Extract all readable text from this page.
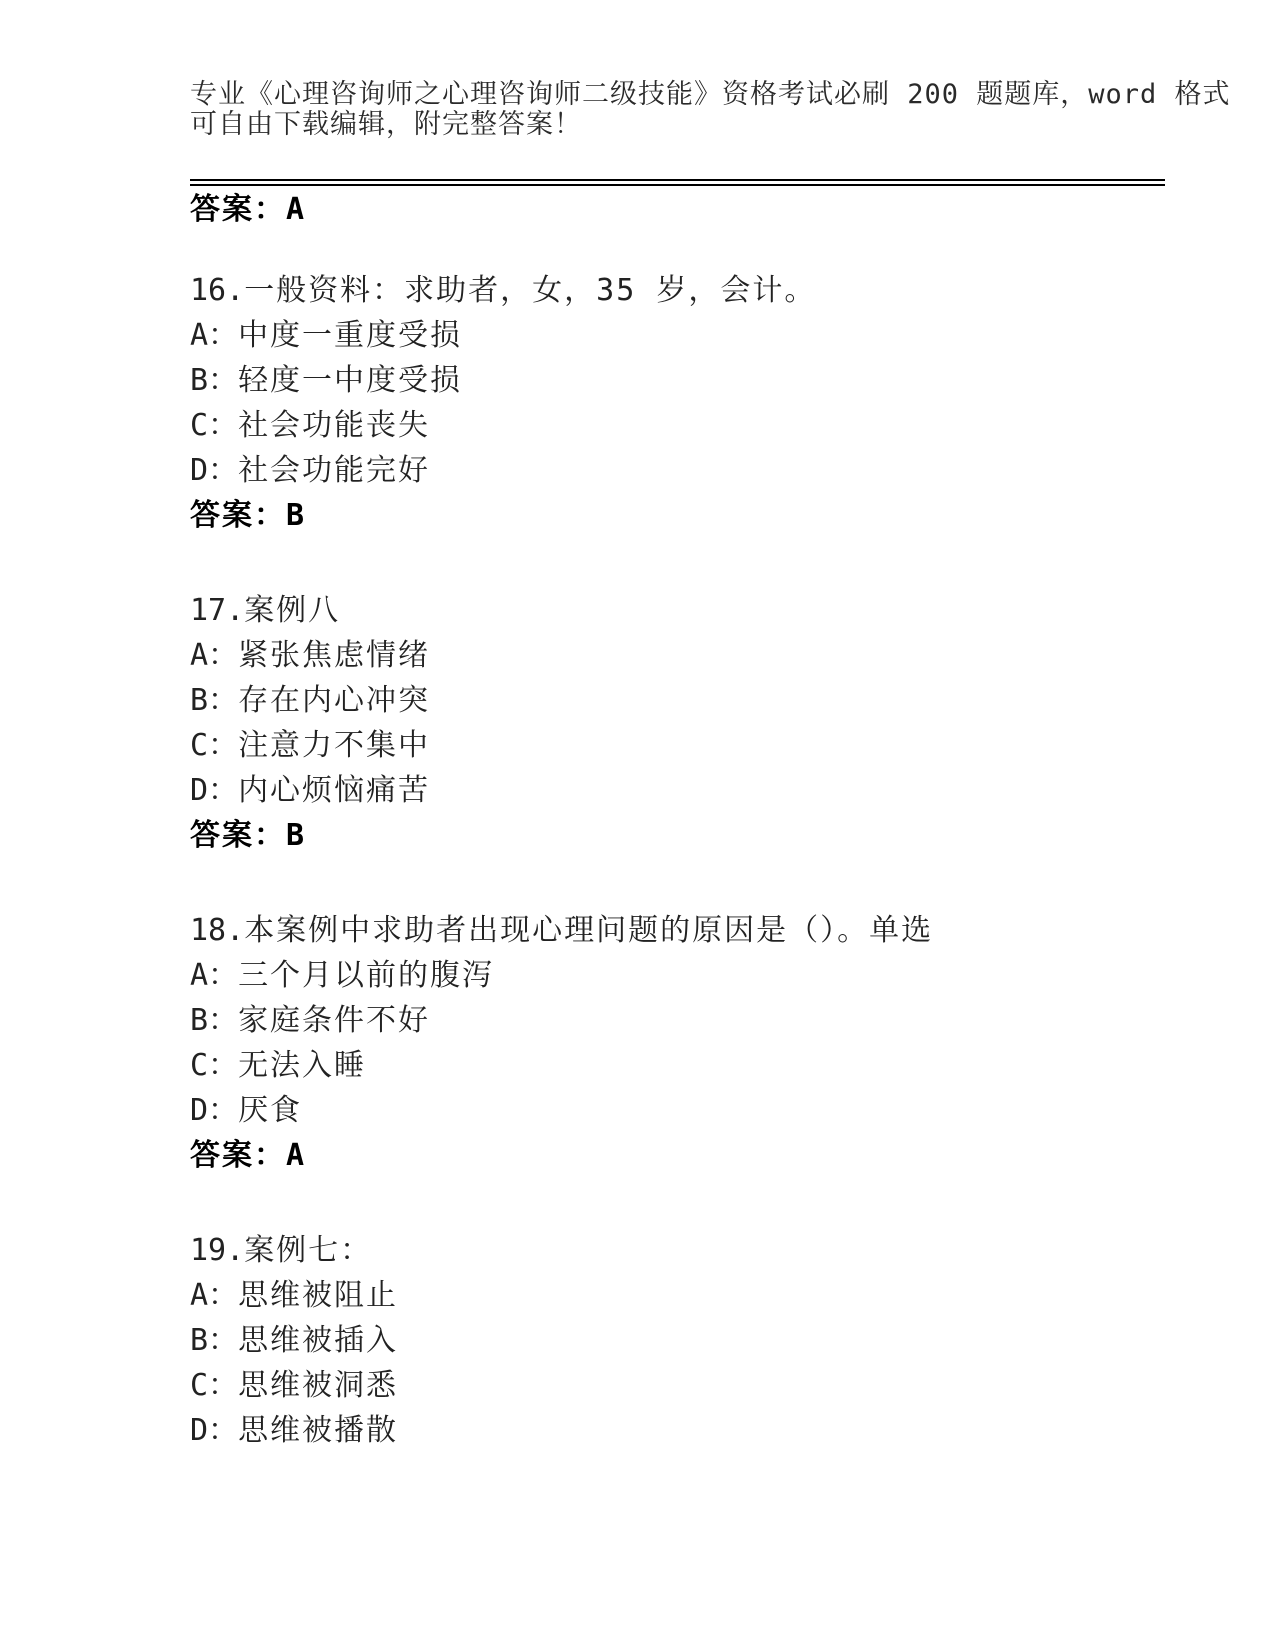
专业《心理咨询师之心理咨询师二级技能》资格考试必刷 200 题题库，word 格式
可自由下载编辑，附完整答案！
答案：A
16.一般资料：求助者，女，35 岁，会计。
A：中度一重度受损
B：轻度一中度受损
C：社会功能丧失
D：社会功能完好
答案：B
17.案例八
A：紧张焦虑情绪
B：存在内心冲突
C：注意力不集中
D：内心烦恼痛苦
答案：B
18.本案例中求助者出现心理问题的原因是（）。单选
A：三个月以前的腹泻
B：家庭条件不好
C：无法入睡
D：厌食
答案：A
19.案例七：
A：思维被阻止
B：思维被插入
C：思维被洞悉
D：思维被播散
